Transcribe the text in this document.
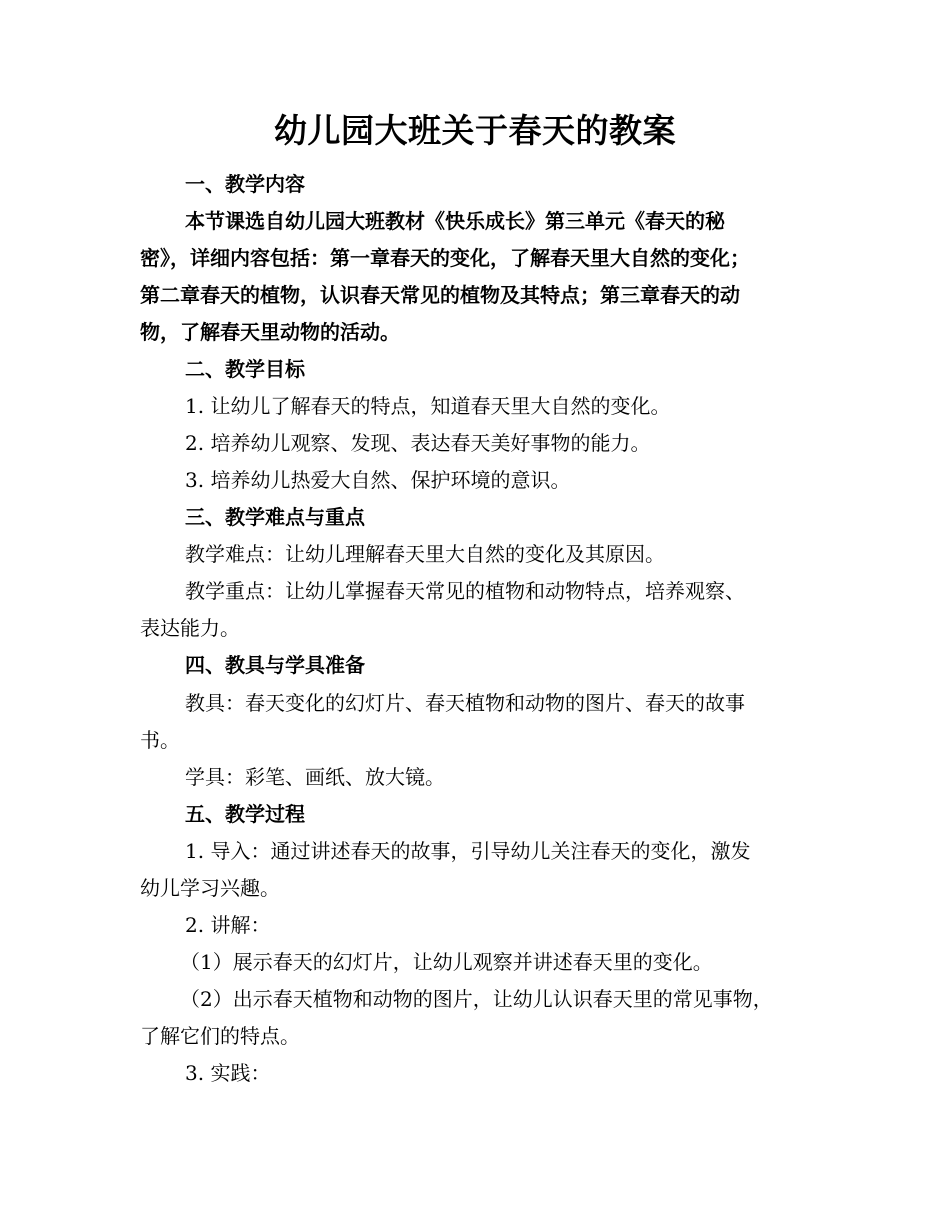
幼儿园大班关于春天的教案
一、教学内容
本节课选自幼儿园大班教材《快乐成长》第三单元《春天的秘
密》，详细内容包括：第一章春天的变化，了解春天里大自然的变化；
第二章春天的植物，认识春天常见的植物及其特点；第三章春天的动
物，了解春天里动物的活动。
二、教学目标
1. 让幼儿了解春天的特点，知道春天里大自然的变化。
2. 培养幼儿观察、发现、表达春天美好事物的能力。
3. 培养幼儿热爱大自然、保护环境的意识。
三、教学难点与重点
教学难点：让幼儿理解春天里大自然的变化及其原因。
教学重点：让幼儿掌握春天常见的植物和动物特点，培养观察、
表达能力。
四、教具与学具准备
教具：春天变化的幻灯片、春天植物和动物的图片、春天的故事
书。
学具：彩笔、画纸、放大镜。
五、教学过程
1. 导入：通过讲述春天的故事，引导幼儿关注春天的变化，激发
幼儿学习兴趣。
2. 讲解：
（1）展示春天的幻灯片，让幼儿观察并讲述春天里的变化。
（2）出示春天植物和动物的图片，让幼儿认识春天里的常见事物，
了解它们的特点。
3. 实践：
